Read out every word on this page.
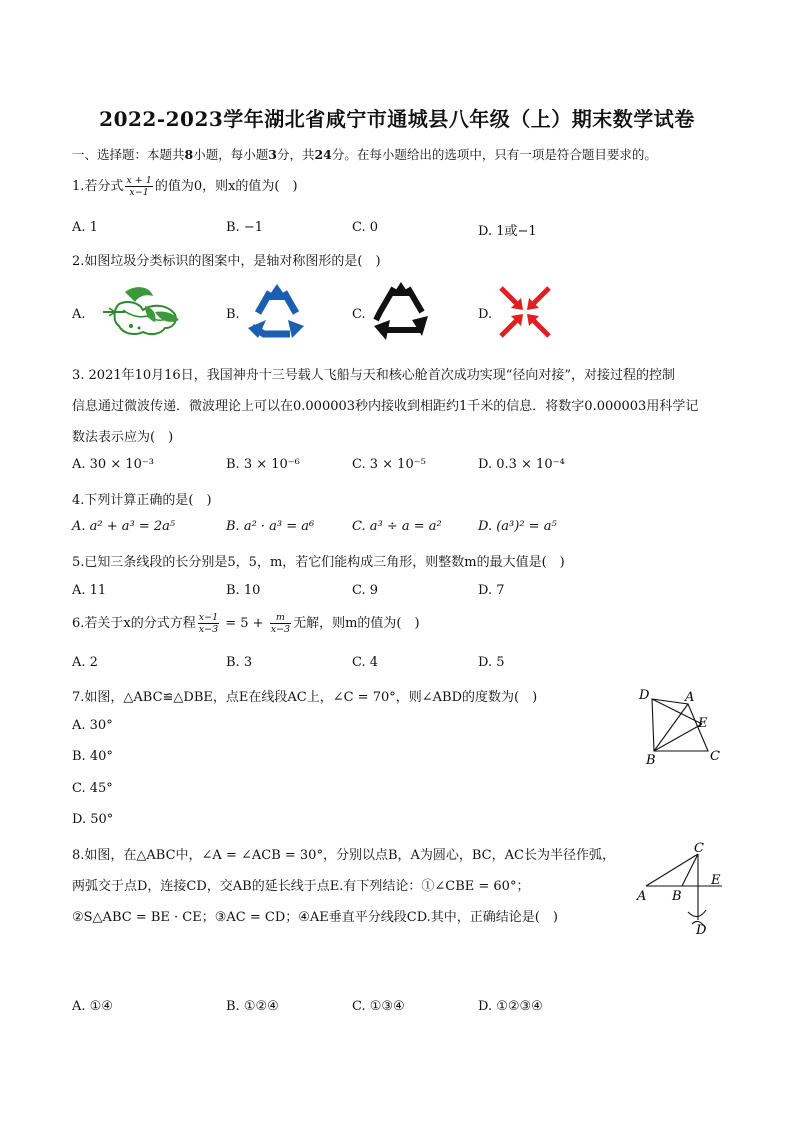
2022-2023学年湖北省咸宁市通城县八年级（上）期末数学试卷
一、选择题：本题共8小题，每小题3分，共24分。在每小题给出的选项中，只有一项是符合题目要求的。
1.若分式 $\frac{x + 1}{x-1}$ 的值为0，则x的值为(　)
A. 1	B. −1	C. 0	D. 1或−1
2.如图垃圾分类标识的图案中，是轴对称图形的是(　)
A.	B.	C.	D.
3. 2021年10月16日，我国神舟十三号载人飞船与天和核心舱首次成功实现“径向对接”，对接过程的控制
信息通过微波传递．微波理论上可以在0.000003秒内接收到相距约1千米的信息．将数字0.000003用科学记
数法表示应为(　)
A. 30 × 10⁻³	B. 3 × 10⁻⁶	C. 3 × 10⁻⁵	D. 0.3 × 10⁻⁴
4.下列计算正确的是(　)
A. a² + a³ = 2a⁵	B. a² · a³ = a⁶	C. a³ ÷ a = a²	D. (a³)² = a⁵
5.已知三条线段的长分别是5，5，m，若它们能构成三角形，则整数m的最大值是(　)
A. 11	B. 10	C. 9	D. 7
6.若关于x的分式方程 $\frac{x-1}{x-3} = 5 + \frac{m}{x-3}$ 无解，则m的值为(　)
A. 2	B. 3	C. 4	D. 5
7.如图，△ABC≌△DBE，点E在线段AC上，∠C = 70°，则∠ABD的度数为(　)
A. 30°
B. 40°
C. 45°
D. 50°
D	A
E
B	C
8.如图，在△ABC中，∠A = ∠ACB = 30°，分别以点B，A为圆心，BC，AC长为半径作弧，
两弧交于点D，连接CD，交AB的延长线于点E.有下列结论：①∠CBE = 60°；
②S△ABC = BE · CE；③AC = CD；④AE垂直平分线段CD.其中，正确结论是(　)
C
E
A B
D
A. ①④	B. ①②④	C. ①③④	D. ①②③④
